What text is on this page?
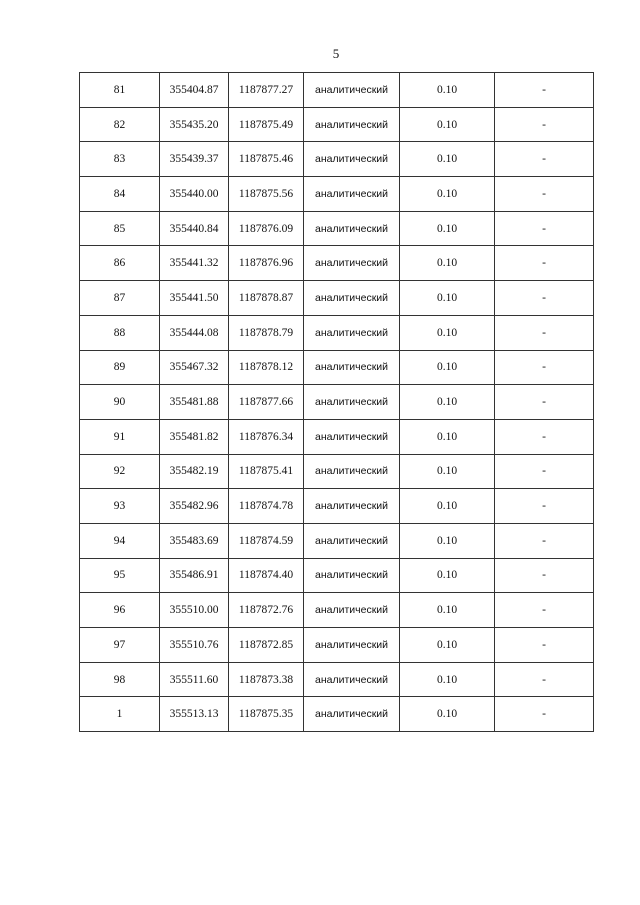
5
81	355404.87	1187877.27	аналитический	0.10	-
82	355435.20	1187875.49	аналитический	0.10	-
83	355439.37	1187875.46	аналитический	0.10	-
84	355440.00	1187875.56	аналитический	0.10	-
85	355440.84	1187876.09	аналитический	0.10	-
86	355441.32	1187876.96	аналитический	0.10	-
87	355441.50	1187878.87	аналитический	0.10	-
88	355444.08	1187878.79	аналитический	0.10	-
89	355467.32	1187878.12	аналитический	0.10	-
90	355481.88	1187877.66	аналитический	0.10	-
91	355481.82	1187876.34	аналитический	0.10	-
92	355482.19	1187875.41	аналитический	0.10	-
93	355482.96	1187874.78	аналитический	0.10	-
94	355483.69	1187874.59	аналитический	0.10	-
95	355486.91	1187874.40	аналитический	0.10	-
96	355510.00	1187872.76	аналитический	0.10	-
97	355510.76	1187872.85	аналитический	0.10	-
98	355511.60	1187873.38	аналитический	0.10	-
1	355513.13	1187875.35	аналитический	0.10	-
